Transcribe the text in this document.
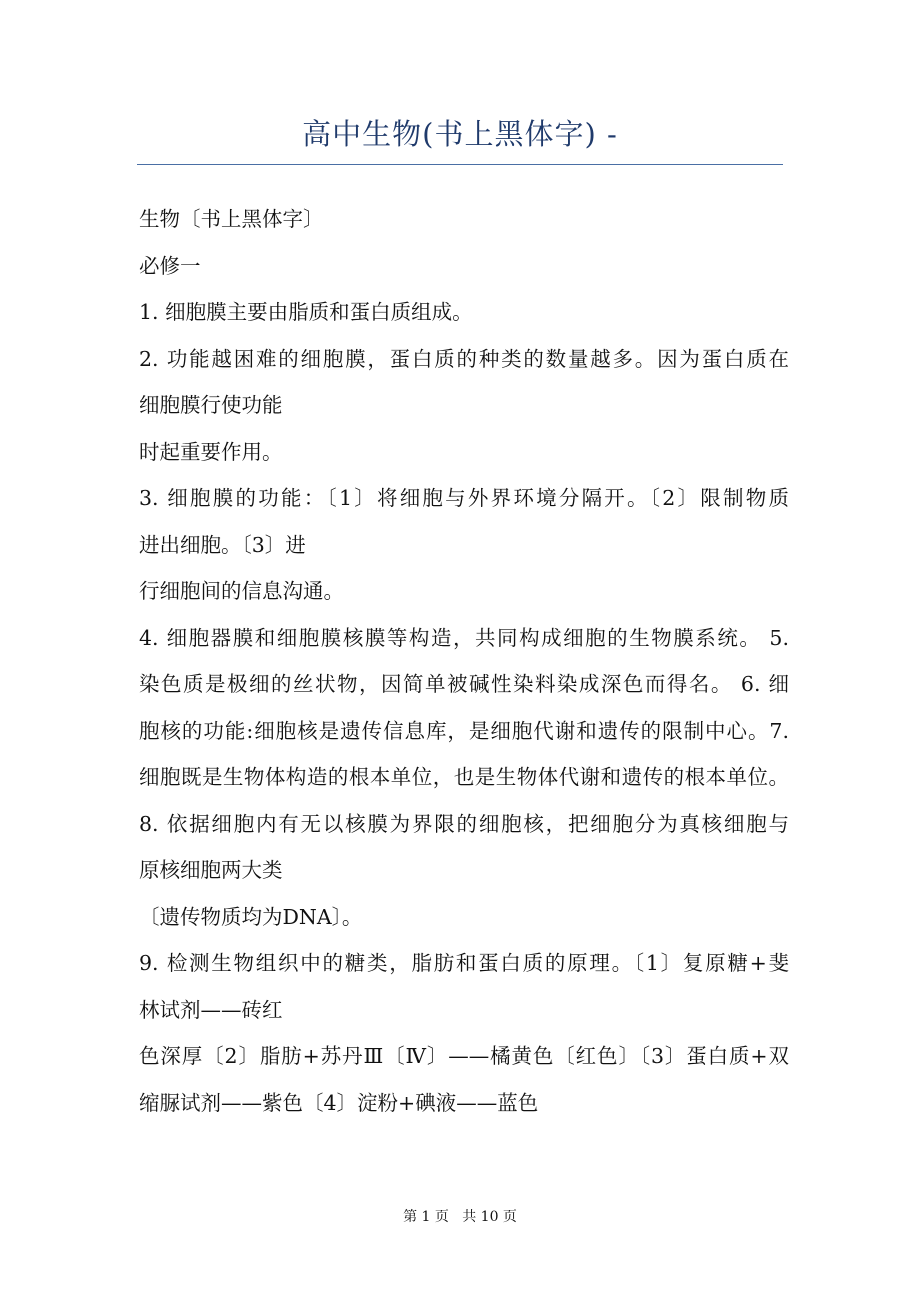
高中生物(书上黑体字) -
生物〔书上黑体字〕
必修一
1. 细胞膜主要由脂质和蛋白质组成。
2. 功能越困难的细胞膜，蛋白质的种类的数量越多。因为蛋白质在
细胞膜行使功能
时起重要作用。
3. 细胞膜的功能：〔1〕将细胞与外界环境分隔开。〔2〕限制物质
进出细胞。〔3〕进
行细胞间的信息沟通。
4. 细胞器膜和细胞膜核膜等构造，共同构成细胞的生物膜系统。 5.
染色质是极细的丝状物，因简单被碱性染料染成深色而得名。 6. 细
胞核的功能:细胞核是遗传信息库，是细胞代谢和遗传的限制中心。7.
细胞既是生物体构造的根本单位，也是生物体代谢和遗传的根本单位。
8. 依据细胞内有无以核膜为界限的细胞核，把细胞分为真核细胞与
原核细胞两大类
〔遗传物质均为DNA〕。
9. 检测生物组织中的糖类，脂肪和蛋白质的原理。〔1〕复原糖+斐
林试剂——砖红
色深厚〔2〕脂肪+苏丹Ⅲ〔Ⅳ〕——橘黄色〔红色〕〔3〕蛋白质+双
缩脲试剂——紫色〔4〕淀粉+碘液——蓝色
第 1 页   共 10 页
